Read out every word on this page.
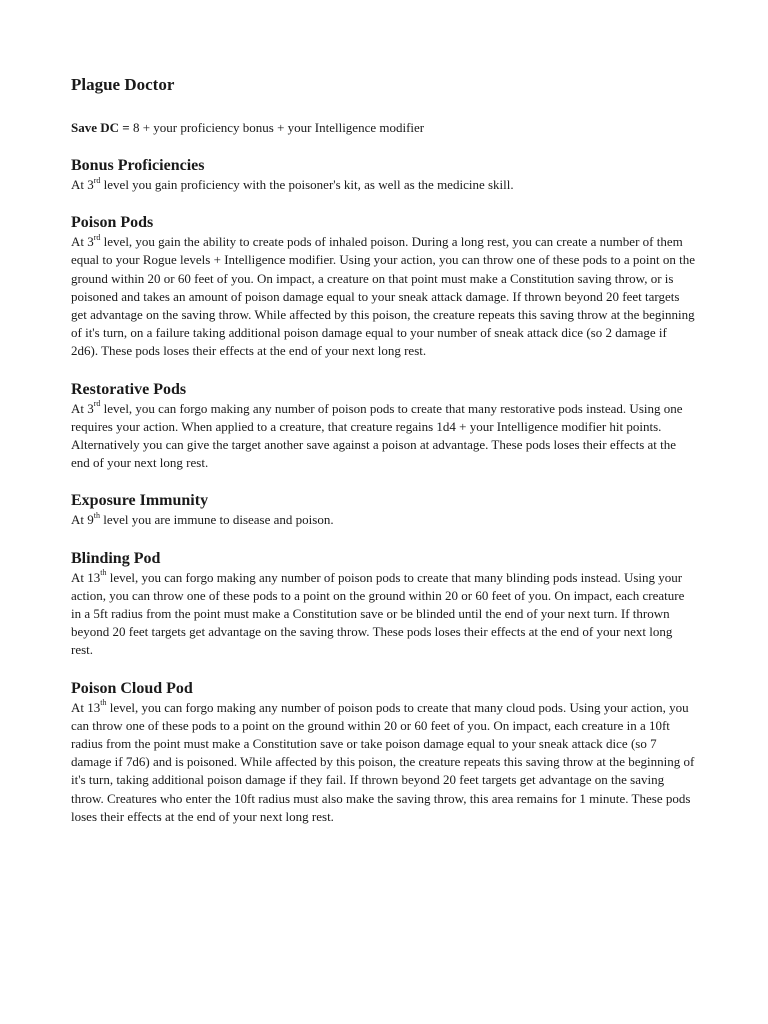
Plague Doctor

Save DC = 8 + your proficiency bonus + your Intelligence modifier

Bonus Proficiencies

At 3rd level you gain proficiency with the poisoner's kit, as well as the medicine skill.

Poison Pods

At 3rd level, you gain the ability to create pods of inhaled poison. During a long rest, you can create a number of them equal to your Rogue levels + Intelligence modifier. Using your action, you can throw one of these pods to a point on the ground within 20 or 60 feet of you. On impact, a creature on that point must make a Constitution saving throw, or is poisoned and takes an amount of poison damage equal to your sneak attack damage. If thrown beyond 20 feet targets get advantage on the saving throw. While affected by this poison, the creature repeats this saving throw at the beginning of it's turn, on a failure taking additional poison damage equal to your number of sneak attack dice (so 2 damage if 2d6). These pods loses their effects at the end of your next long rest.

Restorative Pods

At 3rd level, you can forgo making any number of poison pods to create that many restorative pods instead. Using one requires your action. When applied to a creature, that creature regains 1d4 + your Intelligence modifier hit points. Alternatively you can give the target another save against a poison at advantage. These pods loses their effects at the end of your next long rest.

Exposure Immunity

At 9th level you are immune to disease and poison.

Blinding Pod

At 13th level, you can forgo making any number of poison pods to create that many blinding pods instead. Using your action, you can throw one of these pods to a point on the ground within 20 or 60 feet of you. On impact, each creature in a 5ft radius from the point must make a Constitution save or be blinded until the end of your next turn. If thrown beyond 20 feet targets get advantage on the saving throw. These pods loses their effects at the end of your next long rest.

Poison Cloud Pod

At 13th level, you can forgo making any number of poison pods to create that many cloud pods. Using your action, you can throw one of these pods to a point on the ground within 20 or 60 feet of you. On impact, each creature in a 10ft radius from the point must make a Constitution save or take poison damage equal to your sneak attack dice (so 7 damage if 7d6) and is poisoned. While affected by this poison, the creature repeats this saving throw at the beginning of it's turn, taking additional poison damage if they fail. If thrown beyond 20 feet targets get advantage on the saving throw. Creatures who enter the 10ft radius must also make the saving throw, this area remains for 1 minute. These pods loses their effects at the end of your next long rest.
